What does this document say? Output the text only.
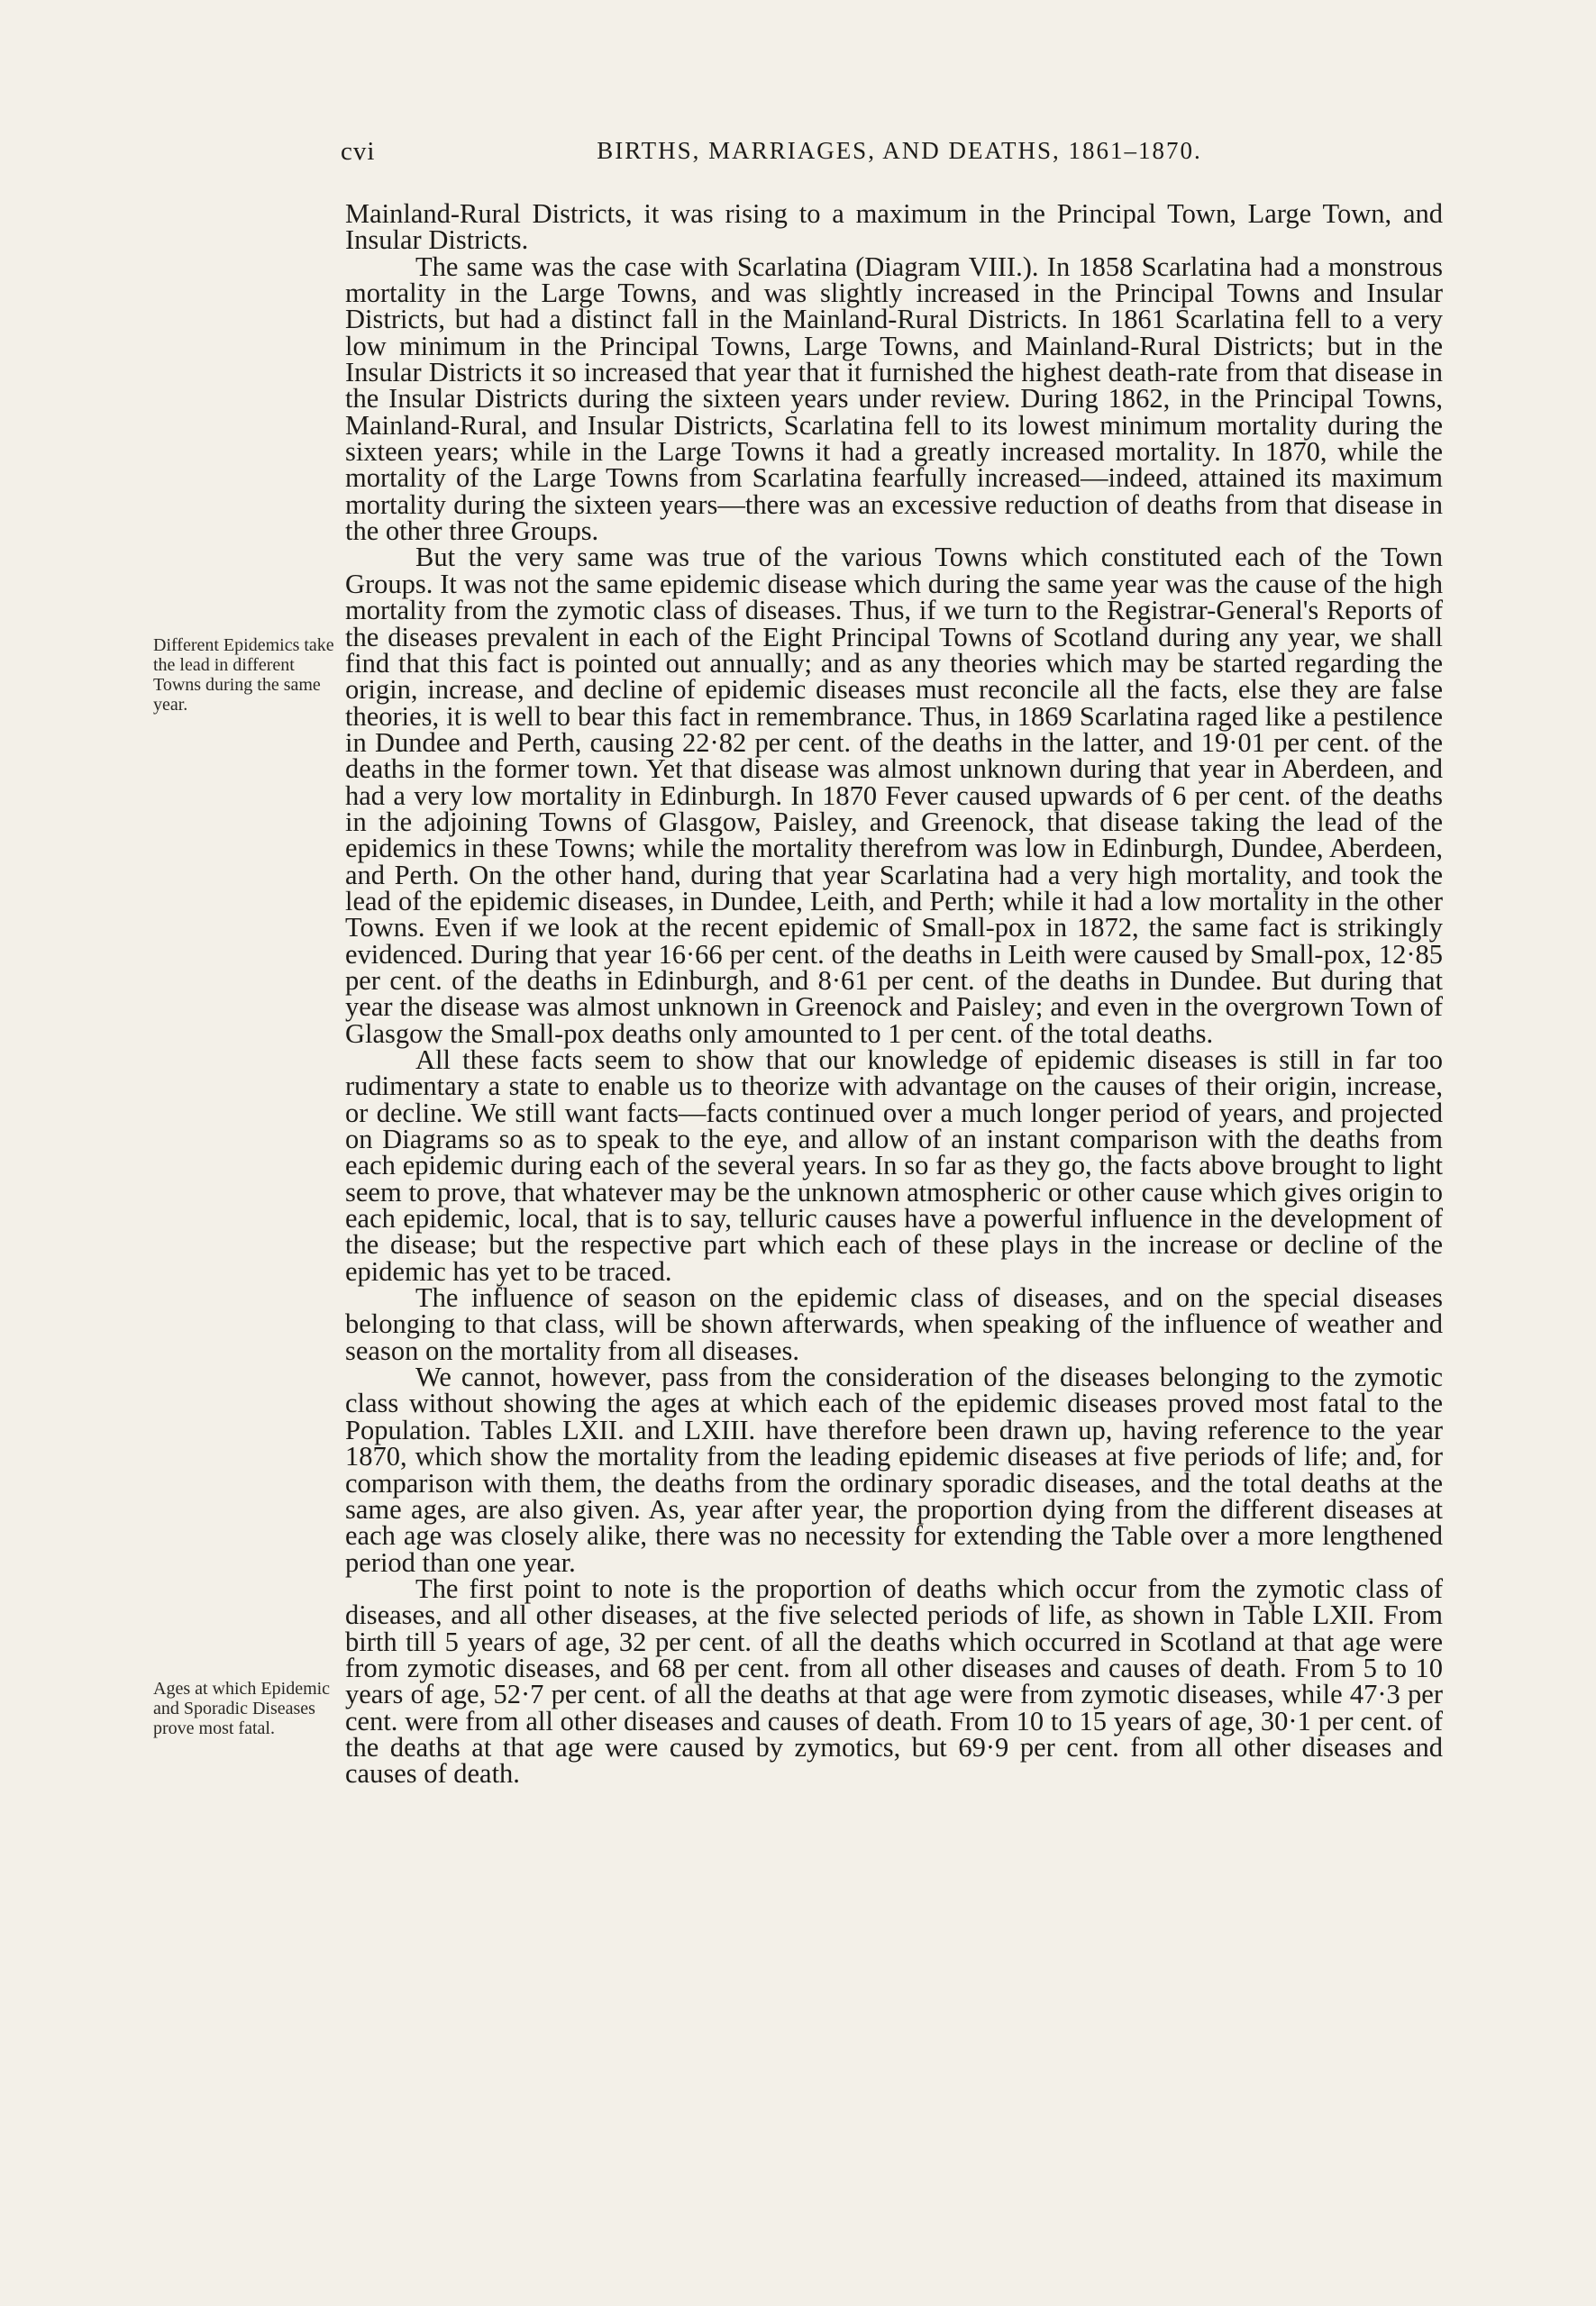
cvi	BIRTHS, MARRIAGES, AND DEATHS, 1861–1870.
Different Epidemics take the lead in different Towns during the same year.
Ages at which Epidemic and Sporadic Diseases prove most fatal.

Mainland-Rural Districts, it was rising to a maximum in the Principal Town, Large Town, and Insular Districts.

The same was the case with Scarlatina (Diagram VIII.). In 1858 Scarlatina had a monstrous mortality in the Large Towns, and was slightly increased in the Principal Towns and Insular Districts, but had a distinct fall in the Mainland-Rural Districts. In 1861 Scarlatina fell to a very low minimum in the Principal Towns, Large Towns, and Mainland-Rural Districts; but in the Insular Districts it so increased that year that it furnished the highest death-rate from that disease in the Insular Districts during the sixteen years under review. During 1862, in the Principal Towns, Mainland-Rural, and Insular Districts, Scarlatina fell to its lowest minimum mortality during the sixteen years; while in the Large Towns it had a greatly increased mortality. In 1870, while the mortality of the Large Towns from Scarlatina fearfully increased—indeed, attained its maximum mortality during the sixteen years—there was an excessive reduction of deaths from that disease in the other three Groups.

But the very same was true of the various Towns which constituted each of the Town Groups. It was not the same epidemic disease which during the same year was the cause of the high mortality from the zymotic class of diseases. Thus, if we turn to the Registrar-General's Reports of the diseases prevalent in each of the Eight Principal Towns of Scotland during any year, we shall find that this fact is pointed out annually; and as any theories which may be started regarding the origin, increase, and decline of epidemic diseases must reconcile all the facts, else they are false theories, it is well to bear this fact in remembrance. Thus, in 1869 Scarlatina raged like a pestilence in Dundee and Perth, causing 22·82 per cent. of the deaths in the latter, and 19·01 per cent. of the deaths in the former town. Yet that disease was almost unknown during that year in Aberdeen, and had a very low mortality in Edinburgh. In 1870 Fever caused upwards of 6 per cent. of the deaths in the adjoining Towns of Glasgow, Paisley, and Greenock, that disease taking the lead of the epidemics in these Towns; while the mortality therefrom was low in Edinburgh, Dundee, Aberdeen, and Perth. On the other hand, during that year Scarlatina had a very high mortality, and took the lead of the epidemic diseases, in Dundee, Leith, and Perth; while it had a low mortality in the other Towns. Even if we look at the recent epidemic of Small-pox in 1872, the same fact is strikingly evidenced. During that year 16·66 per cent. of the deaths in Leith were caused by Small-pox, 12·85 per cent. of the deaths in Edinburgh, and 8·61 per cent. of the deaths in Dundee. But during that year the disease was almost unknown in Greenock and Paisley; and even in the overgrown Town of Glasgow the Small-pox deaths only amounted to 1 per cent. of the total deaths.

All these facts seem to show that our knowledge of epidemic diseases is still in far too rudimentary a state to enable us to theorize with advantage on the causes of their origin, increase, or decline. We still want facts—facts continued over a much longer period of years, and projected on Diagrams so as to speak to the eye, and allow of an instant comparison with the deaths from each epidemic during each of the several years. In so far as they go, the facts above brought to light seem to prove, that whatever may be the unknown atmospheric or other cause which gives origin to each epidemic, local, that is to say, telluric causes have a powerful influence in the development of the disease; but the respective part which each of these plays in the increase or decline of the epidemic has yet to be traced.

The influence of season on the epidemic class of diseases, and on the special diseases belonging to that class, will be shown afterwards, when speaking of the influence of weather and season on the mortality from all diseases.

We cannot, however, pass from the consideration of the diseases belonging to the zymotic class without showing the ages at which each of the epidemic diseases proved most fatal to the Population. Tables LXII. and LXIII. have therefore been drawn up, having reference to the year 1870, which show the mortality from the leading epidemic diseases at five periods of life; and, for comparison with them, the deaths from the ordinary sporadic diseases, and the total deaths at the same ages, are also given. As, year after year, the proportion dying from the different diseases at each age was closely alike, there was no necessity for extending the Table over a more lengthened period than one year.

The first point to note is the proportion of deaths which occur from the zymotic class of diseases, and all other diseases, at the five selected periods of life, as shown in Table LXII. From birth till 5 years of age, 32 per cent. of all the deaths which occurred in Scotland at that age were from zymotic diseases, and 68 per cent. from all other diseases and causes of death. From 5 to 10 years of age, 52·7 per cent. of all the deaths at that age were from zymotic diseases, while 47·3 per cent. were from all other diseases and causes of death. From 10 to 15 years of age, 30·1 per cent. of the deaths at that age were caused by zymotics, but 69·9 per cent. from all other diseases and causes of death.
